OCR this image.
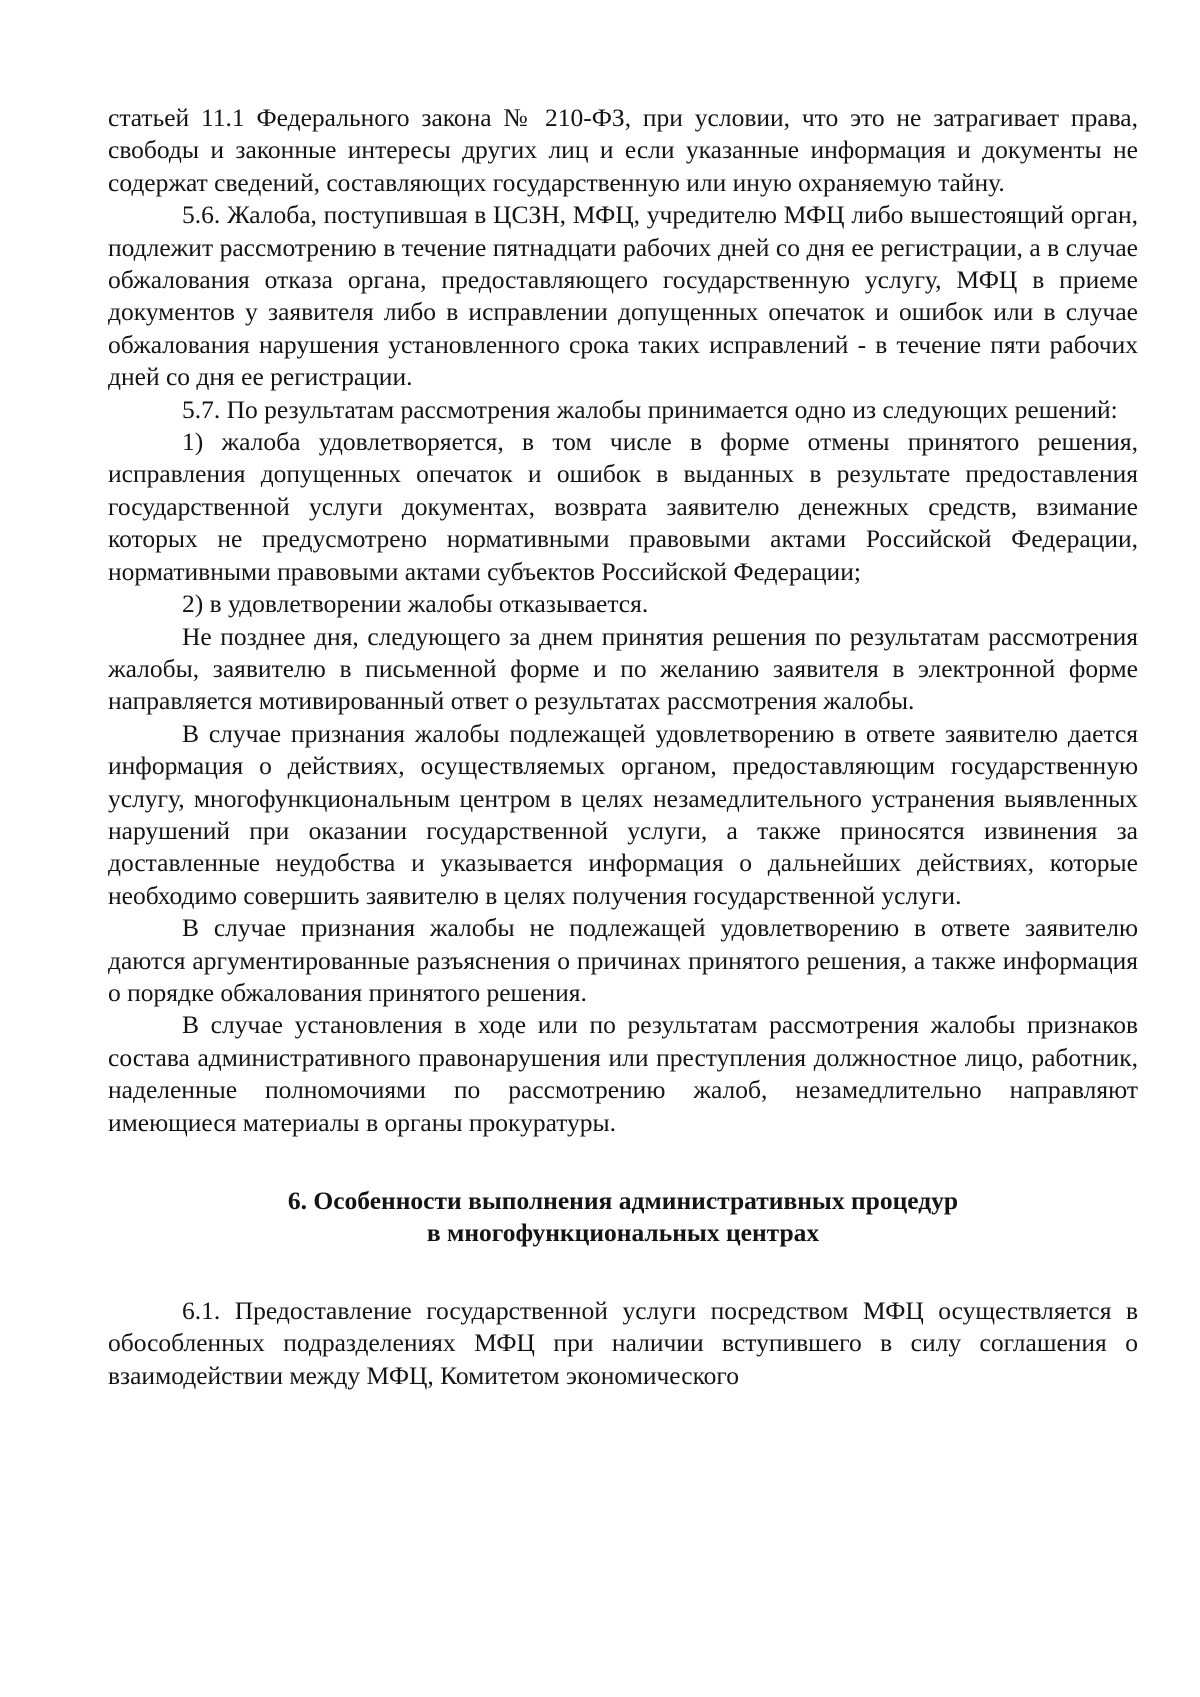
статьей 11.1 Федерального закона № 210-ФЗ, при условии, что это не затрагивает права, свободы и законные интересы других лиц и если указанные информация и документы не содержат сведений, составляющих государственную или иную охраняемую тайну.

5.6. Жалоба, поступившая в ЦСЗН, МФЦ, учредителю МФЦ либо вышестоящий орган, подлежит рассмотрению в течение пятнадцати рабочих дней со дня ее регистрации, а в случае обжалования отказа органа, предоставляющего государственную услугу, МФЦ в приеме документов у заявителя либо в исправлении допущенных опечаток и ошибок или в случае обжалования нарушения установленного срока таких исправлений - в течение пяти рабочих дней со дня ее регистрации.

5.7. По результатам рассмотрения жалобы принимается одно из следующих решений:

1) жалоба удовлетворяется, в том числе в форме отмены принятого решения, исправления допущенных опечаток и ошибок в выданных в результате предоставления государственной услуги документах, возврата заявителю денежных средств, взимание которых не предусмотрено нормативными правовыми актами Российской Федерации, нормативными правовыми актами субъектов Российской Федерации;

2) в удовлетворении жалобы отказывается.

Не позднее дня, следующего за днем принятия решения по результатам рассмотрения жалобы, заявителю в письменной форме и по желанию заявителя в электронной форме направляется мотивированный ответ о результатах рассмотрения жалобы.

В случае признания жалобы подлежащей удовлетворению в ответе заявителю дается информация о действиях, осуществляемых органом, предоставляющим государственную услугу, многофункциональным центром в целях незамедлительного устранения выявленных нарушений при оказании государственной услуги, а также приносятся извинения за доставленные неудобства и указывается информация о дальнейших действиях, которые необходимо совершить заявителю в целях получения государственной услуги.

В случае признания жалобы не подлежащей удовлетворению в ответе заявителю даются аргументированные разъяснения о причинах принятого решения, а также информация о порядке обжалования принятого решения.

В случае установления в ходе или по результатам рассмотрения жалобы признаков состава административного правонарушения или преступления должностное лицо, работник, наделенные полномочиями по рассмотрению жалоб, незамедлительно направляют имеющиеся материалы в органы прокуратуры.

6. Особенности выполнения административных процедур
в многофункциональных центрах

6.1. Предоставление государственной услуги посредством МФЦ осуществляется в обособленных подразделениях МФЦ при наличии вступившего в силу соглашения о взаимодействии между МФЦ, Комитетом экономического
